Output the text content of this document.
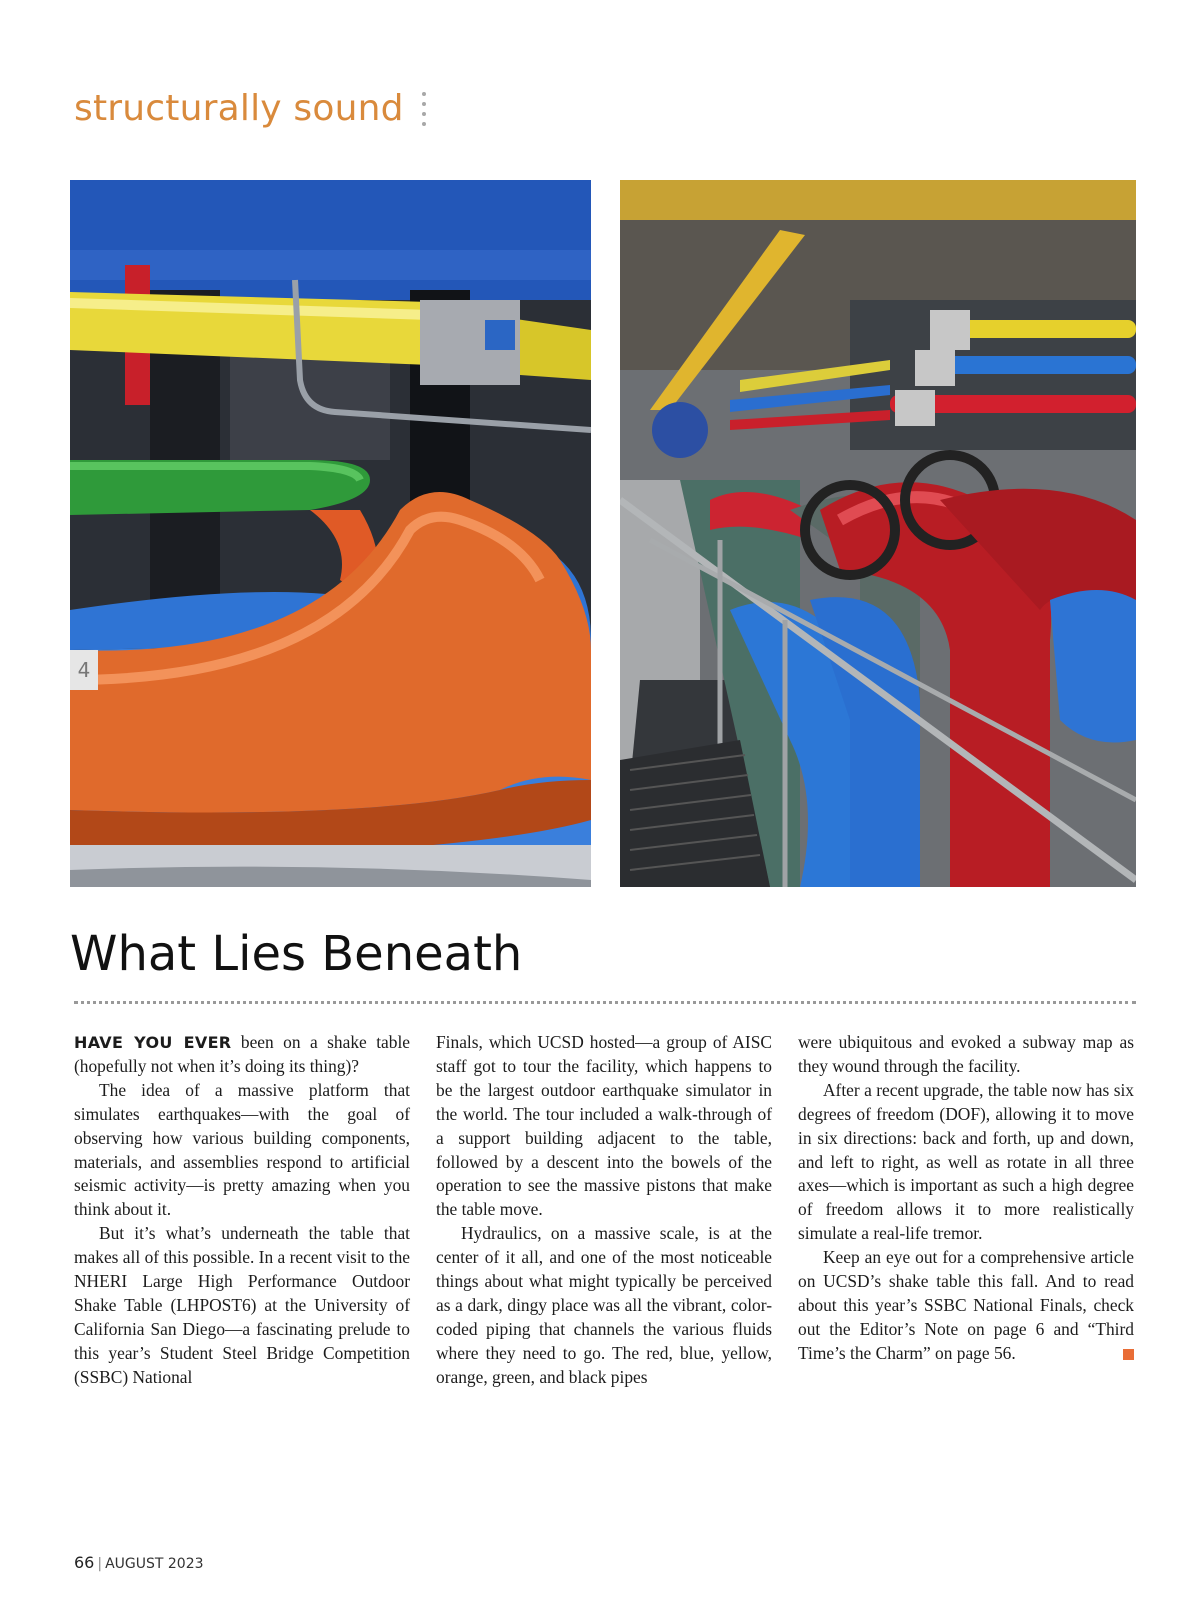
structurally sound
4
What Lies Beneath

HAVE YOU EVER been on a shake table (hopefully not when it’s doing its thing)?

The idea of a massive platform that simulates earthquakes—with the goal of observing how various building components, materials, and assemblies respond to artificial seismic activity—is pretty amazing when you think about it.

But it’s what’s underneath the table that makes all of this possible. In a recent visit to the NHERI Large High Performance Outdoor Shake Table (LHPOST6) at the University of California San Diego—a fascinating prelude to this year’s Student Steel Bridge Competition (SSBC) National

Finals, which UCSD hosted—a group of AISC staff got to tour the facility, which happens to be the largest outdoor earthquake simulator in the world. The tour included a walk-through of a support building adjacent to the table, followed by a descent into the bowels of the operation to see the massive pistons that make the table move.

Hydraulics, on a massive scale, is at the center of it all, and one of the most noticeable things about what might typically be perceived as a dark, dingy place was all the vibrant, color-coded piping that channels the various fluids where they need to go. The red, blue, yellow, orange, green, and black pipes

were ubiquitous and evoked a subway map as they wound through the facility.

After a recent upgrade, the table now has six degrees of freedom (DOF), allowing it to move in six directions: back and forth, up and down, and left to right, as well as rotate in all three axes—which is important as such a high degree of freedom allows it to more realistically simulate a real-life tremor.

Keep an eye out for a comprehensive article on UCSD’s shake table this fall. And to read about this year’s SSBC National Finals, check out the Editor’s Note on page 6 and “Third Time’s the Charm” on page 56.

66 | AUGUST 2023
